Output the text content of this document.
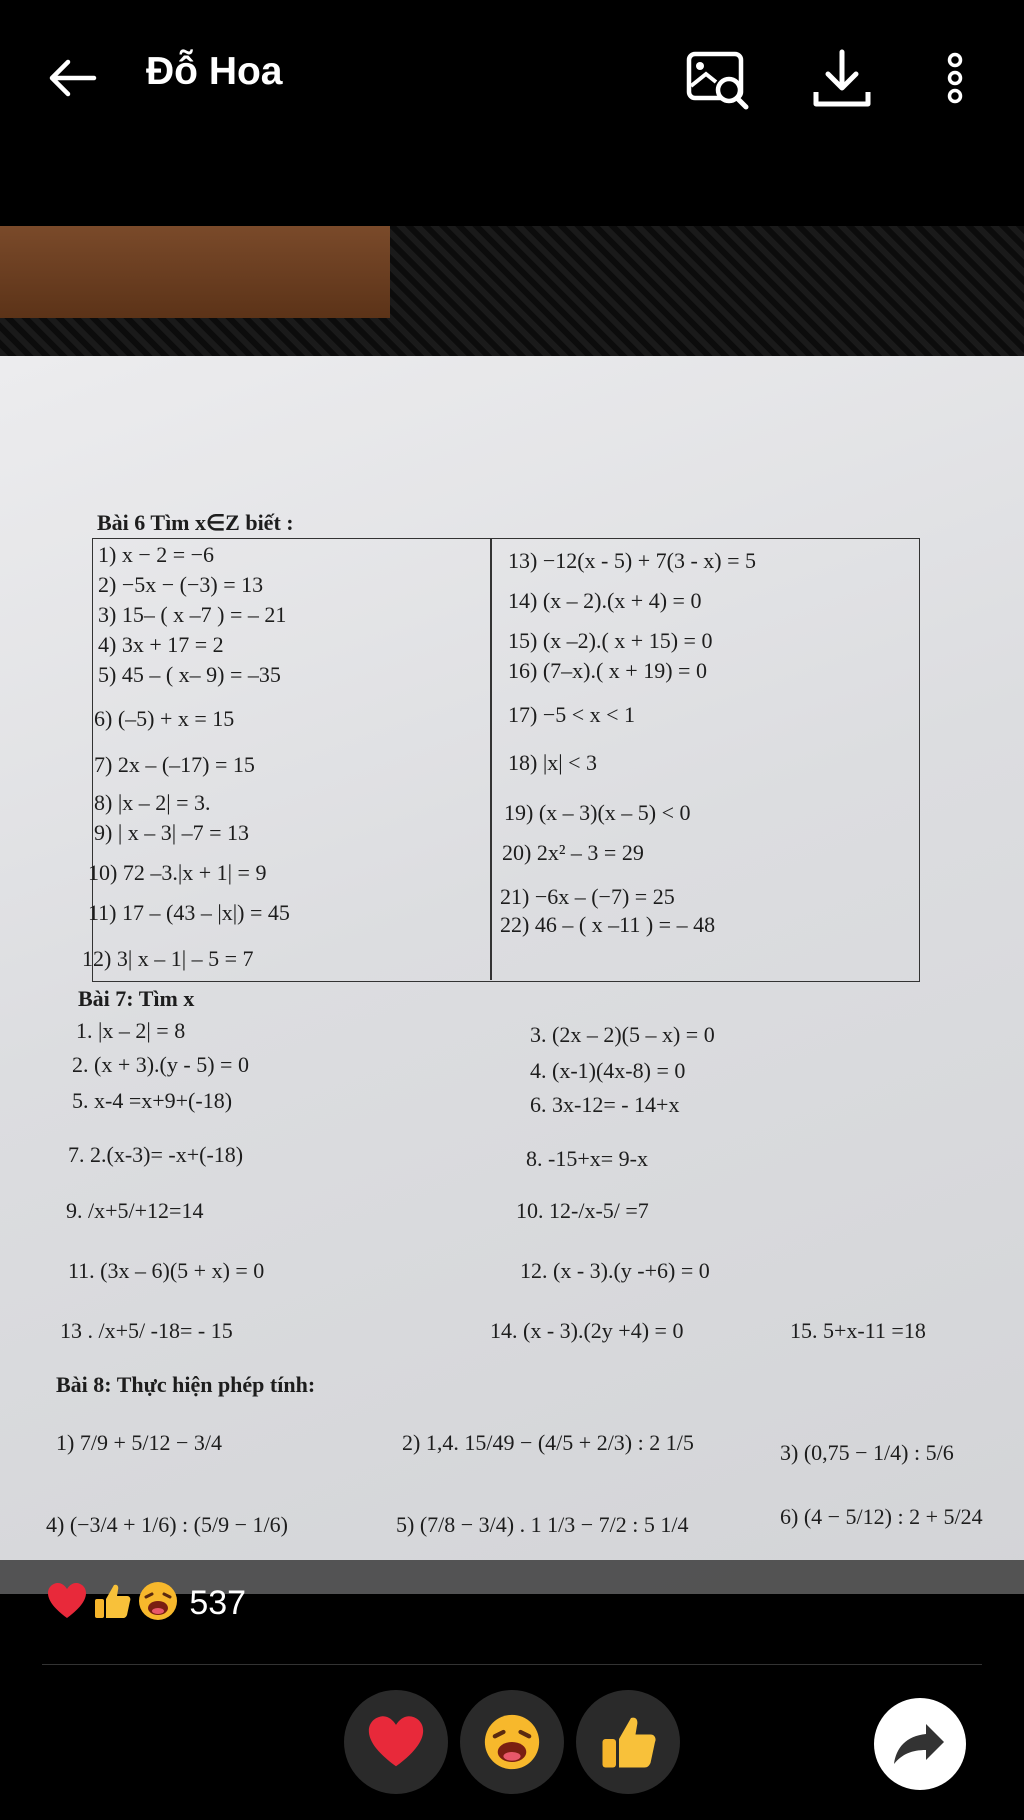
Đỗ Hoa
Bài 6 Tìm x∈Z biết :
1) x − 2 = −6
2) −5x − (−3) = 13
3) 15– ( x –7 ) = – 21
4) 3x + 17 = 2
5) 45 – ( x– 9) = –35
6) (–5) + x = 15
7) 2x – (–17) = 15
8) |x – 2| = 3.
9) | x – 3| –7 = 13
10) 72 –3.|x + 1| = 9
11) 17 – (43 – |x|) = 45
12) 3| x – 1| – 5 = 7
13) −12(x - 5) + 7(3 - x) = 5
14) (x – 2).(x + 4) = 0
15) (x –2).( x + 15) = 0
16) (7–x).( x + 19) = 0
17) −5 < x < 1
18) |x| < 3
19) (x – 3)(x – 5) < 0
20) 2x² – 3 = 29
21) −6x – (−7) = 25
22) 46 – ( x –11 ) = – 48
Bài 7: Tìm x
1. |x – 2| = 8	3. (2x – 2)(5 – x) = 0
2. (x + 3).(y - 5) = 0	4. (x-1)(4x-8) = 0
5. x-4 =x+9+(-18)	6. 3x-12= - 14+x
7. 2.(x-3)= -x+(-18)	8. -15+x= 9-x
9. /x+5/+12=14	10. 12-/x-5/ =7
11. (3x – 6)(5 + x) = 0	12. (x - 3).(y -+6) = 0
13 . /x+5/ -18= - 15	14. (x - 3).(2y +4) = 0	15. 5+x-11 =18
Bài 8: Thực hiện phép tính:
1) 7/9 + 5/12 − 3/4	2) 1,4. 15/49 − (4/5 + 2/3) : 2 1/5	3) (0,75 − 1/4) : 5/6
4) (−3/4 + 1/6) : (5/9 − 1/6)	5) (7/8 − 3/4) . 1 1/3 − 7/2 : 5 1/4	6) (4 − 5/12) : 2 + 5/24
537
